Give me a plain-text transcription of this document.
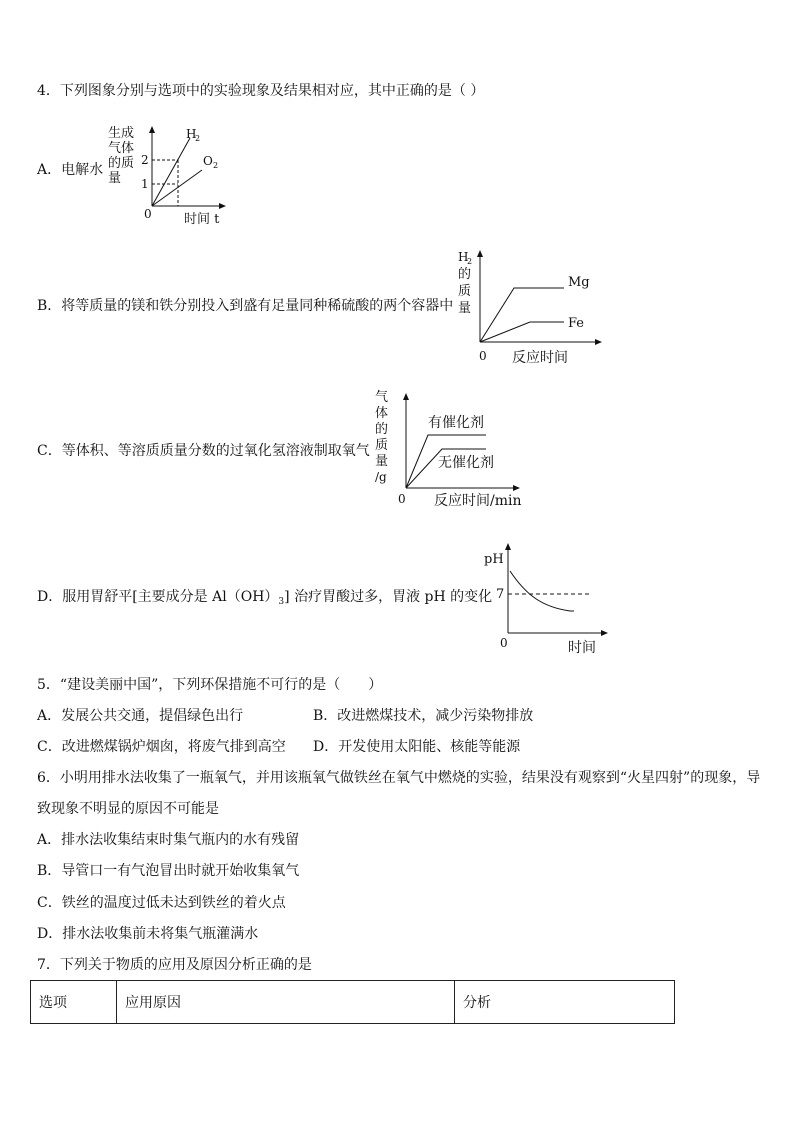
4．下列图象分别与选项中的实验现象及结果相对应，其中正确的是（ ）
A．电解水
生成
气体
的质
量
2
1
0
H
2
O 2
时间 t
B．将等质量的镁和铁分别投入到盛有足量同种稀硫酸的两个容器中
H
2
的
质
量
Mg
Fe
0 反应时间
C．等体积、等溶质质量分数的过氧化氢溶液制取氧气
气
体
的
质
量
/g
有催化剂
无催化剂
0 反应时间/min
D．服用胃舒平[主要成分是 $Al(OH)_3$] 治疗胃酸过多，胃液 pH 的变化
pH
7
0	时间
5．“建设美丽中国”，下列环保措施不可行的是（　　）
A．发展公共交通，提倡绿色出行	B．改进燃煤技术，减少污染物排放
C．改进燃煤锅炉烟囱，将废气排到高空 D．开发使用太阳能、核能等能源
6．小明用排水法收集了一瓶氧气，并用该瓶氧气做铁丝在氧气中燃烧的实验，结果没有观察到“火星四射”的现象，导
致现象不明显的原因不可能是
A．排水法收集结束时集气瓶内的水有残留
B．导管口一有气泡冒出时就开始收集氧气
C．铁丝的温度过低未达到铁丝的着火点
D．排水法收集前未将集气瓶灌满水
7．下列关于物质的应用及原因分析正确的是
选项	应用原因	分析
